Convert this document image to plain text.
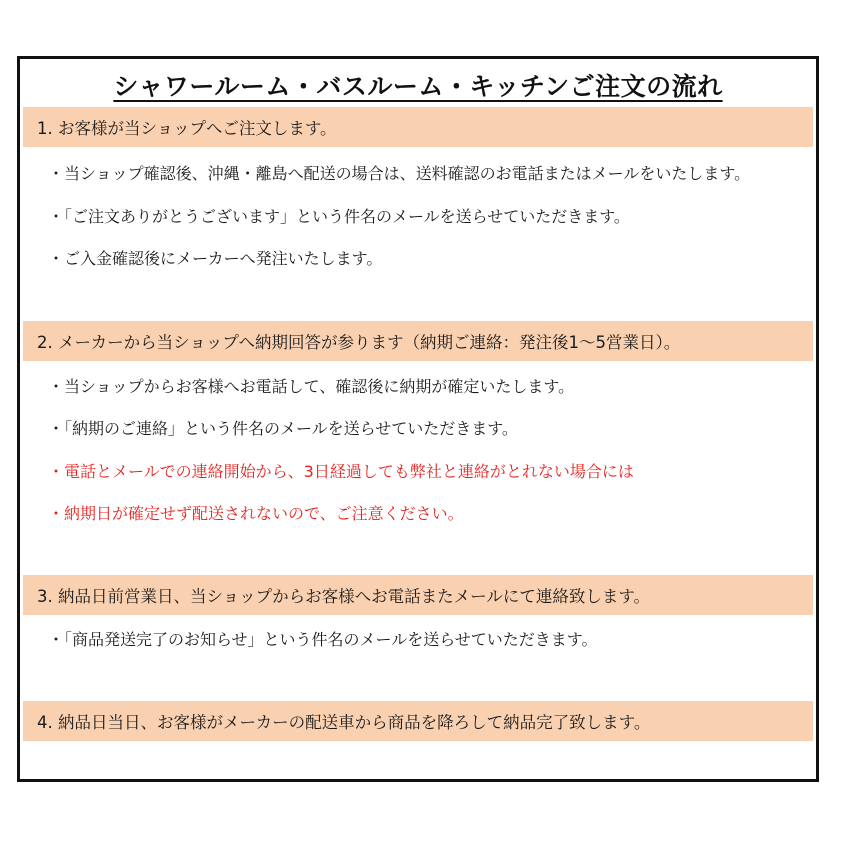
シャワールーム・バスルーム・キッチンご注文の流れ
1. お客様が当ショップへご注文します。
・当ショップ確認後、沖縄・離島へ配送の場合は、送料確認のお電話またはメールをいたします。
・「ご注文ありがとうございます」という件名のメールを送らせていただきます。
・ご入金確認後にメーカーへ発注いたします。
2. メーカーから当ショップへ納期回答が参ります（納期ご連絡：発注後1～5営業日）。
・当ショップからお客様へお電話して、確認後に納期が確定いたします。
・「納期のご連絡」という件名のメールを送らせていただきます。
・電話とメールでの連絡開始から、3日経過しても弊社と連絡がとれない場合には
・納期日が確定せず配送されないので、ご注意ください。
3. 納品日前営業日、当ショップからお客様へお電話またメールにて連絡致します。
・「商品発送完了のお知らせ」という件名のメールを送らせていただきます。
4. 納品日当日、お客様がメーカーの配送車から商品を降ろして納品完了致します。
